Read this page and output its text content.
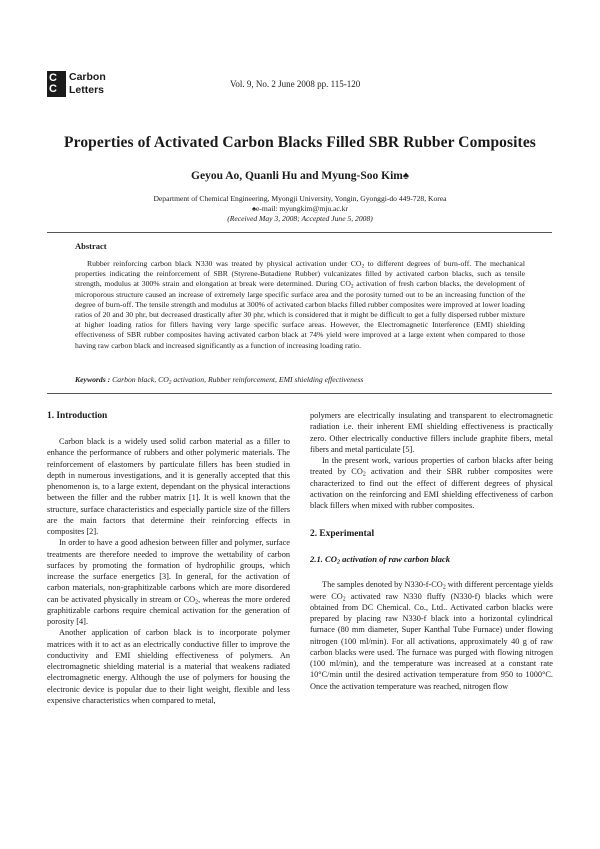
C
C
Carbon
Letters	Vol. 9, No. 2 June 2008 pp. 115-120
Properties of Activated Carbon Blacks Filled SBR Rubber Composites
Geyou Ao, Quanli Hu and Myung-Soo Kim♠
Department of Chemical Engineering, Myongji University, Yongin, Gyonggi-do 449-728, Korea
♠e-mail: myungkim@mju.ac.kr
(Received May 3, 2008; Accepted June 5, 2008)
Abstract

Rubber reinforcing carbon black N330 was treated by physical activation under $CO_2$ to different degrees of burn-off. The mechanical properties indicating the reinforcement of SBR (Styrene-Butadiene Rubber) vulcanizates filled by activated carbon blacks, such as tensile strength, modulus at 300% strain and elongation at break were determined. During $CO_2$ activation of fresh carbon blacks, the development of microporous structure caused an increase of extremely large specific surface area and the porosity turned out to be an increasing function of the degree of burn-off. The tensile strength and modulus at 300% of activated carbon blacks filled rubber composites were improved at lower loading ratios of 20 and 30 phr, but decreased drastically after 30 phr, which is considered that it might be difficult to get a fully dispersed rubber mixture at higher loading ratios for fillers having very large specific surface areas. However, the Electromagnetic Interference (EMI) shielding effectiveness of SBR rubber composites having activated carbon black at 74% yield were improved at a large extent when compared to those having raw carbon black and increased significantly as a function of increasing loading ratio.

Keywords : Carbon black, $CO_2$ activation, Rubber reinforcement, EMI shielding effectiveness
1. Introduction

Carbon black is a widely used solid carbon material as a filler to enhance the performance of rubbers and other polymeric materials. The reinforcement of elastomers by particulate fillers has been studied in depth in numerous investigations, and it is generally accepted that this phenomenon is, to a large extent, dependant on the physical interactions between the filler and the rubber matrix [1]. It is well known that the structure, surface characteristics and especially particle size of the fillers are the main factors that determine their reinforcing effects in composites [2].

In order to have a good adhesion between filler and polymer, surface treatments are therefore needed to improve the wettability of carbon surfaces by promoting the formation of hydrophilic groups, which increase the surface energetics [3]. In general, for the activation of carbon materials, non-graphitizable carbons which are more disordered can be activated physically in stream or $CO_2$, whereas the more ordered graphitizable carbons require chemical activation for the generation of porosity [4].

Another application of carbon black is to incorporate polymer matrices with it to act as an electrically conductive filler to improve the conductivity and EMI shielding effectiveness of polymers. An electromagnetic shielding material is a material that weakens radiated electromagnetic energy. Although the use of polymers for housing the electronic device is popular due to their light weight, flexible and less expensive characteristics when compared to metal,

polymers are electrically insulating and transparent to electromagnetic radiation i.e. their inherent EMI shielding effectiveness is practically zero. Other electrically conductive fillers include graphite fibers, metal fibers and metal particulate [5].

In the present work, various properties of carbon blacks after being treated by $CO_2$ activation and their SBR rubber composites were characterized to find out the effect of different degrees of physical activation on the reinforcing and EMI shielding effectiveness of carbon black fillers when mixed with rubber composites.

2. Experimental
2.1. $CO_2$ activation of raw carbon black

The samples denoted by $N330-f-CO_2$ with different percentage yields were $CO_2$ activated raw N330 fluffy (N330-f) blacks which were obtained from DC Chemical. Co., Ltd.. Activated carbon blacks were prepared by placing raw N330-f black into a horizontal cylindrical furnace (80 mm diameter, Super Kanthal Tube Furnace) under flowing nitrogen (100 ml/min). For all activations, approximately 40 g of raw carbon blacks were used. The furnace was purged with flowing nitrogen (100 ml/min), and the temperature was increased at a constant rate 10°C/min until the desired activation temperature from 950 to 1000°C. Once the activation temperature was reached, nitrogen flow
